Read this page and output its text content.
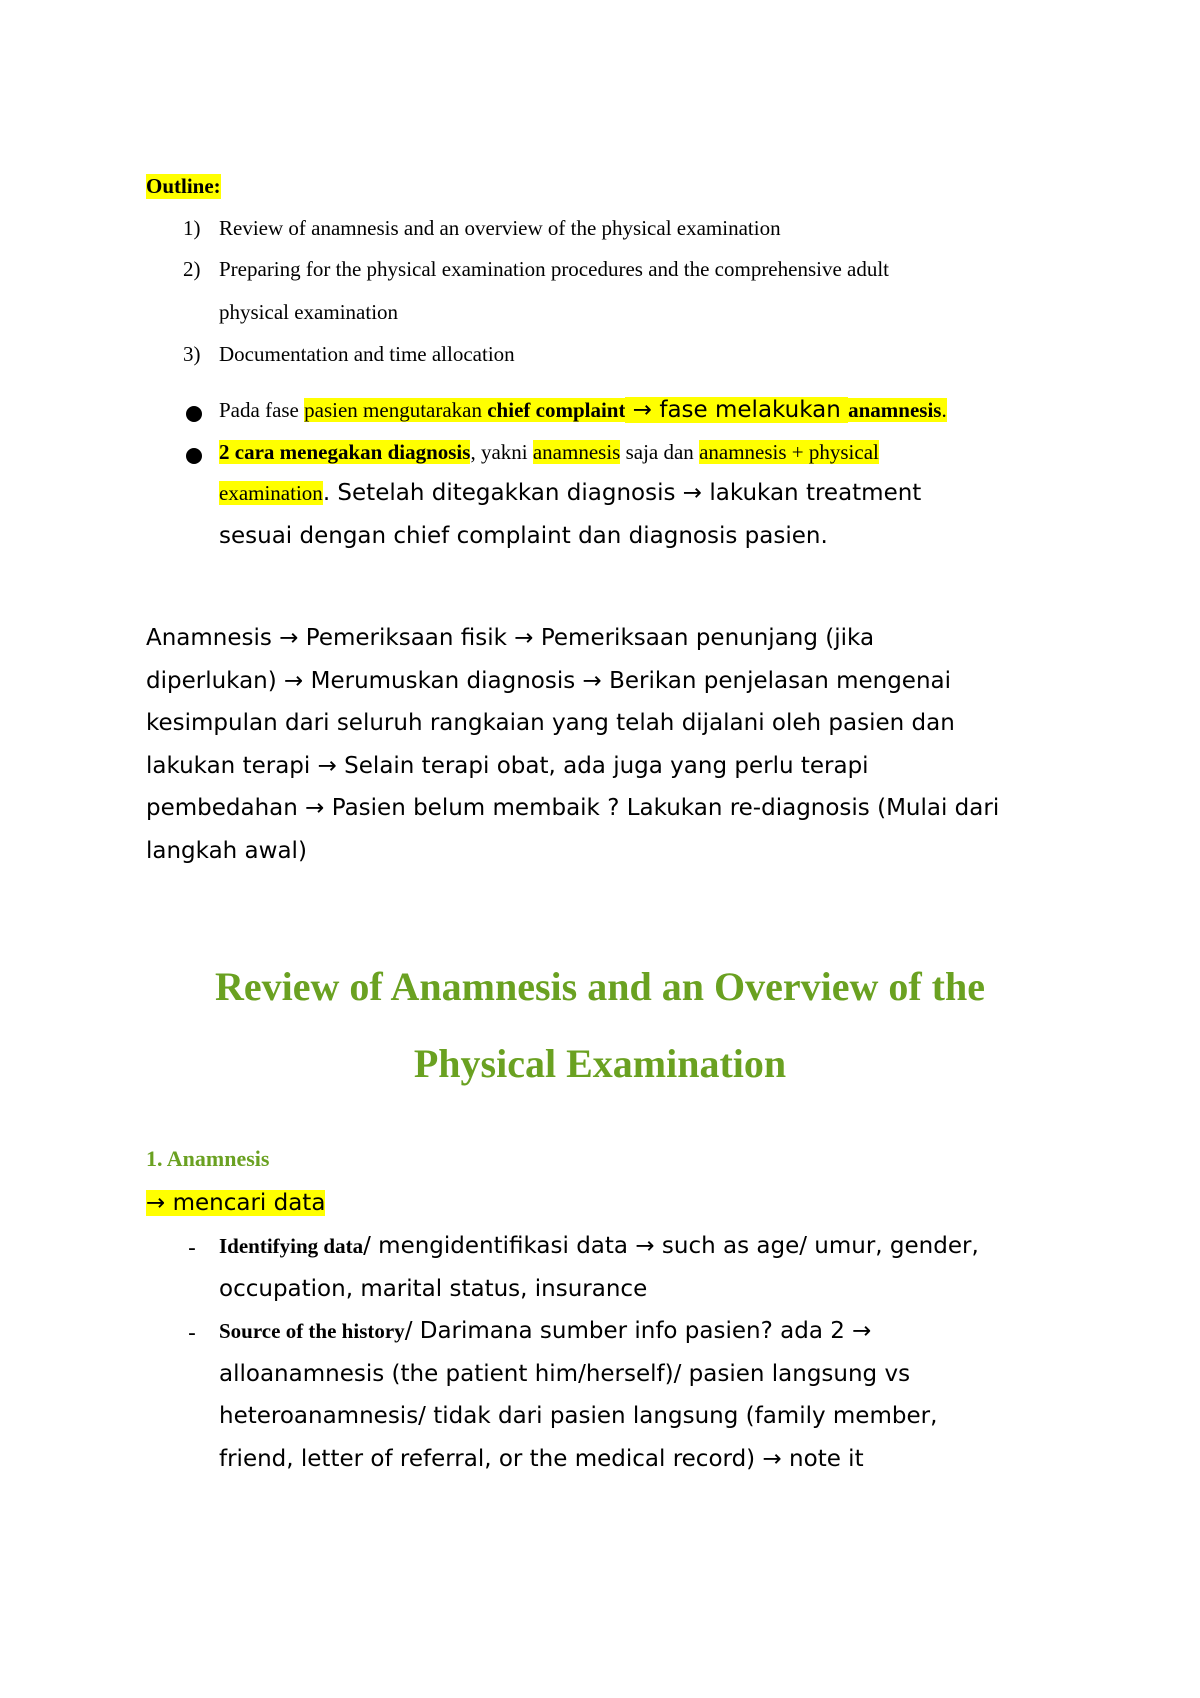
Outline:
1) Review of anamnesis and an overview of the physical examination
2) Preparing for the physical examination procedures and the comprehensive adult
physical examination
3) Documentation and time allocation
Pada fase pasien mengutarakan chief complaint → fase melakukan anamnesis.
2 cara menegakan diagnosis, yakni anamnesis saja dan anamnesis + physical
examination. Setelah ditegakkan diagnosis → lakukan treatment
sesuai dengan chief complaint dan diagnosis pasien.
Anamnesis → Pemeriksaan fisik → Pemeriksaan penunjang (jika
diperlukan) → Merumuskan diagnosis → Berikan penjelasan mengenai
kesimpulan dari seluruh rangkaian yang telah dijalani oleh pasien dan
lakukan terapi → Selain terapi obat, ada juga yang perlu terapi
pembedahan → Pasien belum membaik ? Lakukan re-diagnosis (Mulai dari
langkah awal)
Review of Anamnesis and an Overview of the
Physical Examination
1. Anamnesis
→ mencari data
- Identifying data/ mengidentifikasi data → such as age/ umur, gender,
occupation, marital status, insurance
- Source of the history/ Darimana sumber info pasien? ada 2 →
alloanamnesis (the patient him/herself)/ pasien langsung vs
heteroanamnesis/ tidak dari pasien langsung (family member,
friend, letter of referral, or the medical record) → note it
